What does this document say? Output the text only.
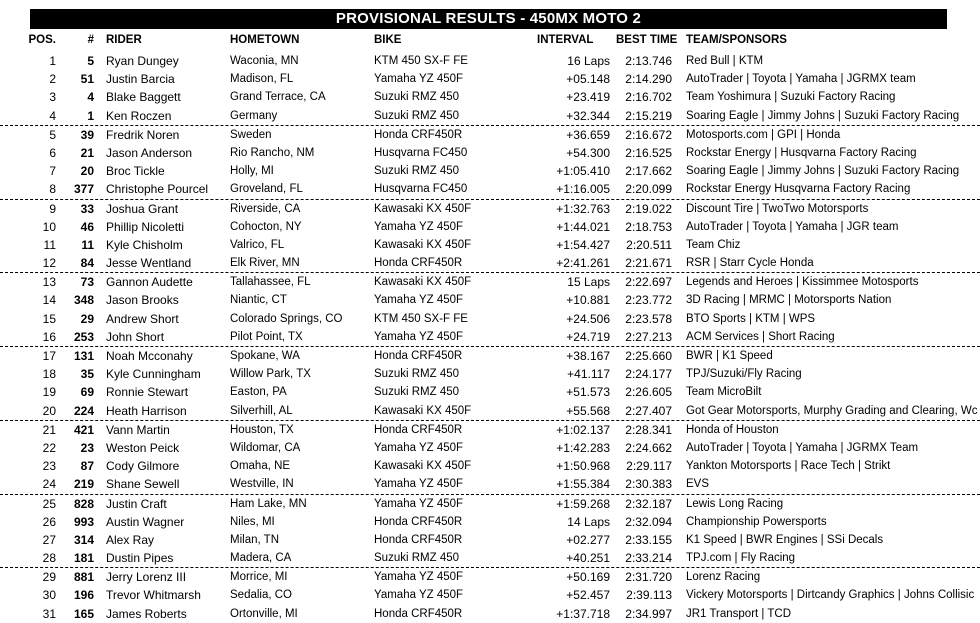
PROVISIONAL RESULTS - 450MX MOTO 2
POS.	# RIDER	HOMETOWN	BIKE	INTERVAL	BEST TIME TEAM/SPONSORS
1	5 Ryan Dungey	Waconia, MN	KTM 450 SX-F FE	16 Laps	2:13.746 Red Bull | KTM
2	51 Justin Barcia	Madison, FL	Yamaha YZ 450F	+05.148	2:14.290 AutoTrader | Toyota | Yamaha | JGRMX team
3	4 Blake Baggett	Grand Terrace, CA	Suzuki RMZ 450	+23.419	2:16.702 Team Yoshimura | Suzuki Factory Racing
4	1 Ken Roczen	Germany	Suzuki RMZ 450	+32.344	2:15.219 Soaring Eagle | Jimmy Johns | Suzuki Factory Racing
5	39 Fredrik Noren	Sweden	Honda CRF450R	+36.659	2:16.672 Motosports.com | GPI | Honda
6	21 Jason Anderson	Rio Rancho, NM	Husqvarna FC450	+54.300	2:16.525 Rockstar Energy | Husqvarna Factory Racing
7	20 Broc Tickle	Holly, MI	Suzuki RMZ 450	+1:05.410	2:17.662 Soaring Eagle | Jimmy Johns | Suzuki Factory Racing
8	377 Christophe Pourcel	Groveland, FL	Husqvarna FC450	+1:16.005	2:20.099 Rockstar Energy Husqvarna Factory Racing
9	33 Joshua Grant	Riverside, CA	Kawasaki KX 450F	+1:32.763	2:19.022 Discount Tire | TwoTwo Motorsports
10	46 Phillip Nicoletti	Cohocton, NY	Yamaha YZ 450F	+1:44.021	2:18.753 AutoTrader | Toyota | Yamaha | JGR team
11	11 Kyle Chisholm	Valrico, FL	Kawasaki KX 450F	+1:54.427	2:20.511 Team Chiz
12	84 Jesse Wentland	Elk River, MN	Honda CRF450R	+2:41.261	2:21.671 RSR | Starr Cycle Honda
13	73 Gannon Audette	Tallahassee, FL	Kawasaki KX 450F	15 Laps	2:22.697 Legends and Heroes | Kissimmee Motosports
14	348 Jason Brooks	Niantic, CT	Yamaha YZ 450F	+10.881	2:23.772 3D Racing | MRMC | Motorsports Nation
15	29 Andrew Short	Colorado Springs, CO	KTM 450 SX-F FE	+24.506	2:23.578 BTO Sports | KTM | WPS
16	253 John Short	Pilot Point, TX	Yamaha YZ 450F	+24.719	2:27.213 ACM Services | Short Racing
17	131 Noah Mcconahy	Spokane, WA	Honda CRF450R	+38.167	2:25.660 BWR | K1 Speed
18	35 Kyle Cunningham	Willow Park, TX	Suzuki RMZ 450	+41.117	2:24.177 TPJ/Suzuki/Fly Racing
19	69 Ronnie Stewart	Easton, PA	Suzuki RMZ 450	+51.573	2:26.605 Team MicroBilt
20	224 Heath Harrison	Silverhill, AL	Kawasaki KX 450F	+55.568	2:27.407 Got Gear Motorsports, Murphy Grading and Clearing, Wc
21	421 Vann Martin	Houston, TX	Honda CRF450R	+1:02.137	2:28.341 Honda of Houston
22	23 Weston Peick	Wildomar, CA	Yamaha YZ 450F	+1:42.283	2:24.662 AutoTrader | Toyota | Yamaha | JGRMX Team
23	87 Cody Gilmore	Omaha, NE	Kawasaki KX 450F	+1:50.968	2:29.117 Yankton Motorsports | Race Tech | Strikt
24	219 Shane Sewell	Westville, IN	Yamaha YZ 450F	+1:55.384	2:30.383 EVS
25	828 Justin Craft	Ham Lake, MN	Yamaha YZ 450F	+1:59.268	2:32.187 Lewis Long Racing
26	993 Austin Wagner	Niles, MI	Honda CRF450R	14 Laps	2:32.094 Championship Powersports
27	314 Alex Ray	Milan, TN	Honda CRF450R	+02.277	2:33.155 K1 Speed | BWR Engines | SSi Decals
28	181 Dustin Pipes	Madera, CA	Suzuki RMZ 450	+40.251	2:33.214 TPJ.com | Fly Racing
29	881 Jerry Lorenz III	Morrice, MI	Yamaha YZ 450F	+50.169	2:31.720 Lorenz Racing
30	196 Trevor Whitmarsh	Sedalia, CO	Yamaha YZ 450F	+52.457	2:39.113 Vickery Motorsports | Dirtcandy Graphics | Johns Collisic
31	165 James Roberts	Ortonville, MI	Honda CRF450R	+1:37.718	2:34.997 JR1 Transport | TCD
